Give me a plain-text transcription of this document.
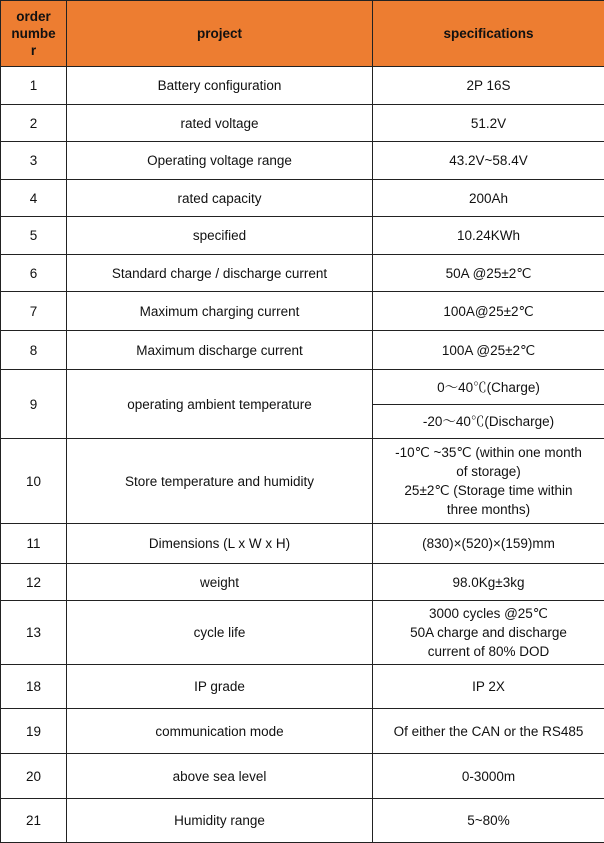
order
numbe
r	project	specifications
1	Battery configuration	2P 16S
2	rated voltage	51.2V
3	Operating voltage range	43.2V~58.4V
4	rated capacity	200Ah
5	specified	10.24KWh
6	Standard charge / discharge current	50A @25±2℃
7	Maximum charging current	100A@25±2℃
8	Maximum discharge current	100A @25±2℃
9	operating ambient temperature	0〜40℃(Charge)
		-20〜40℃(Discharge)
10	Store temperature and humidity	-10℃ ~35℃ (within one month
of storage)
25±2℃ (Storage time within
three months)

11	Dimensions (L x W x H)	(830)×(520)×(159)mm
12	weight	98.0Kg±3kg
13	cycle life	3000 cycles @25℃
50A charge and discharge
current of 80% DOD

18	IP grade	IP 2X
19	communication mode	Of either the CAN or the RS485
20	above sea level	0-3000m
21	Humidity range	5~80%
